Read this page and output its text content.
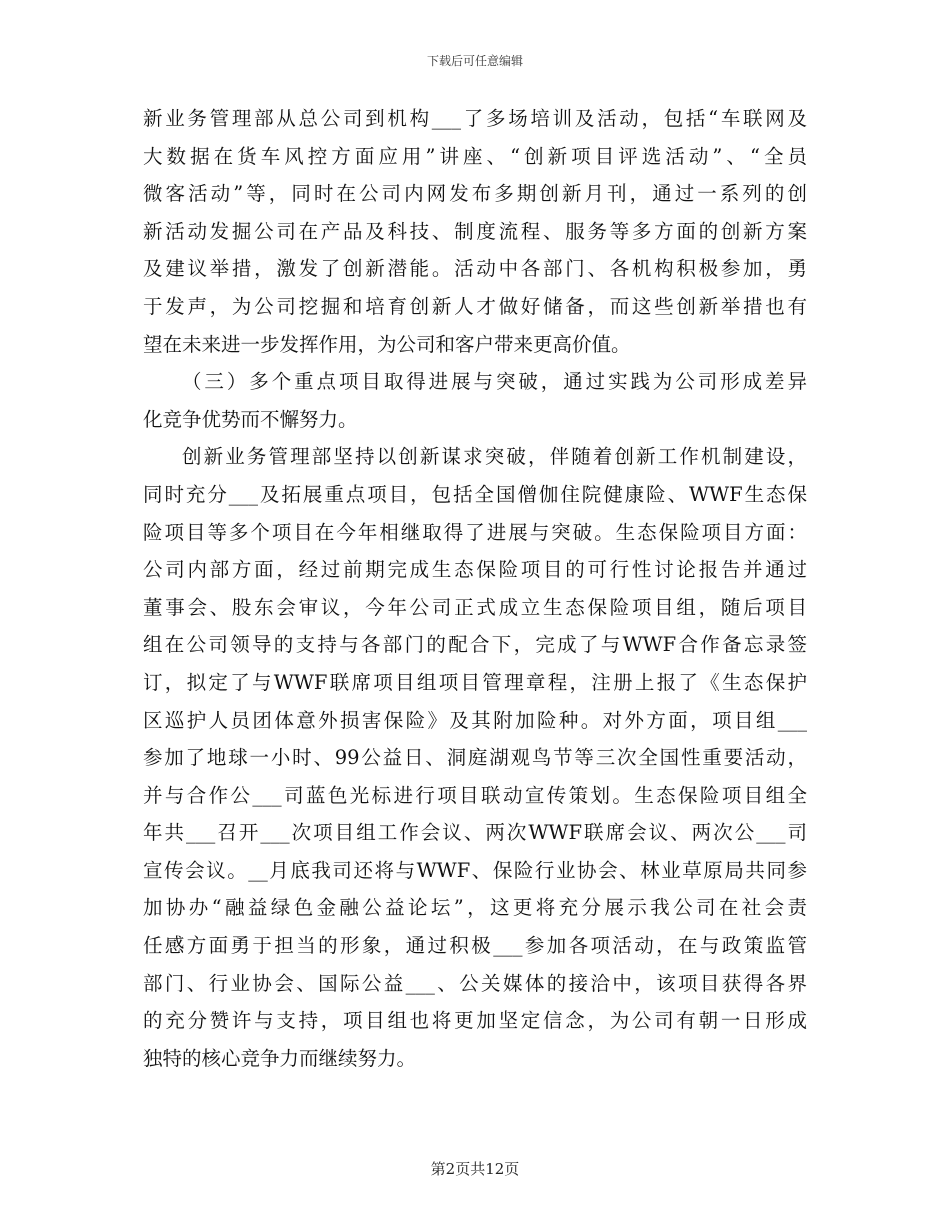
下载后可任意编辑
新业务管理部从总公司到机构___了多场培训及活动，包括“车联网及
大数据在货车风控方面应用”讲座、“创新项目评选活动”、“全员
微客活动”等，同时在公司内网发布多期创新月刊，通过一系列的创
新活动发掘公司在产品及科技、制度流程、服务等多方面的创新方案
及建议举措，激发了创新潜能。活动中各部门、各机构积极参加，勇
于发声，为公司挖掘和培育创新人才做好储备，而这些创新举措也有
望在未来进一步发挥作用，为公司和客户带来更高价值。
（三）多个重点项目取得进展与突破，通过实践为公司形成差异
化竞争优势而不懈努力。
创新业务管理部坚持以创新谋求突破，伴随着创新工作机制建设，
同时充分___及拓展重点项目，包括全国僧伽住院健康险、WWF生态保
险项目等多个项目在今年相继取得了进展与突破。生态保险项目方面：
公司内部方面，经过前期完成生态保险项目的可行性讨论报告并通过
董事会、股东会审议，今年公司正式成立生态保险项目组，随后项目
组在公司领导的支持与各部门的配合下，完成了与WWF合作备忘录签
订，拟定了与WWF联席项目组项目管理章程，注册上报了《生态保护
区巡护人员团体意外损害保险》及其附加险种。对外方面，项目组___
参加了地球一小时、99公益日、洞庭湖观鸟节等三次全国性重要活动，
并与合作公___司蓝色光标进行项目联动宣传策划。生态保险项目组全
年共___召开___次项目组工作会议、两次WWF联席会议、两次公___司
宣传会议。__月底我司还将与WWF、保险行业协会、林业草原局共同参
加协办“融益绿色金融公益论坛”，这更将充分展示我公司在社会责
任感方面勇于担当的形象，通过积极___参加各项活动，在与政策监管
部门、行业协会、国际公益___、公关媒体的接洽中，该项目获得各界
的充分赞许与支持，项目组也将更加坚定信念，为公司有朝一日形成
独特的核心竞争力而继续努力。
第2页共12页
